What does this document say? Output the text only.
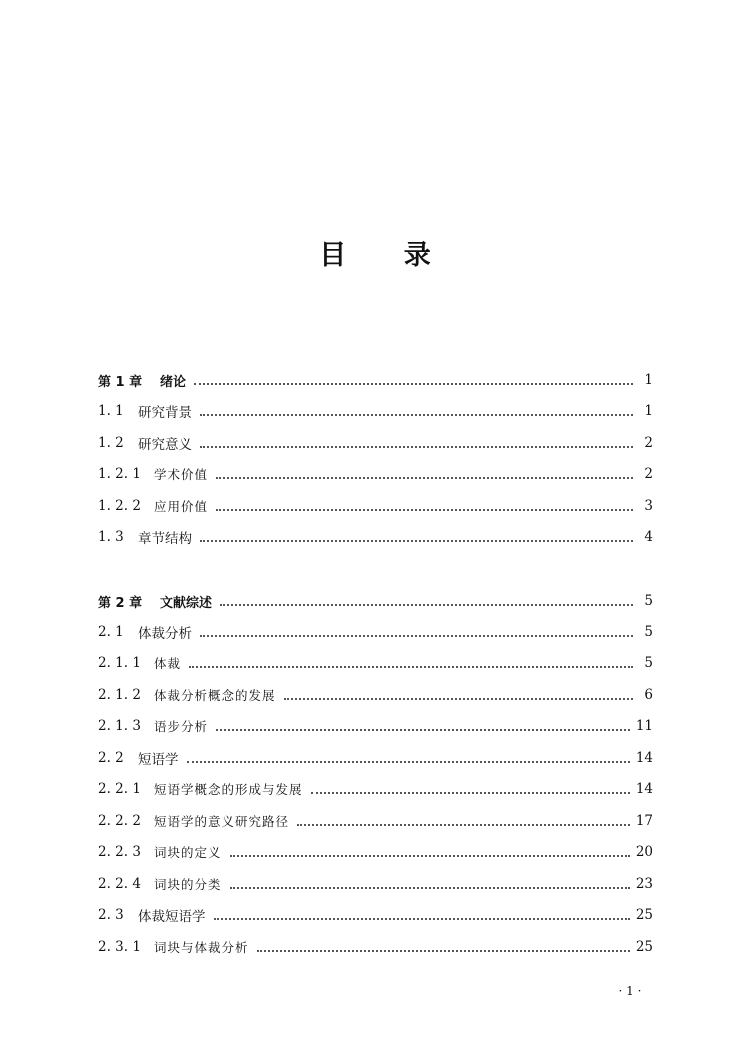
目 录
第 1 章	绪论	1
1. 1	研究背景	1
1. 2	研究意义	2
1. 2. 1	学术价值	2
1. 2. 2	应用价值	3
1. 3	章节结构	4
第 2 章	文献综述	5
2. 1	体裁分析	5
2. 1. 1	体裁	5
2. 1. 2	体裁分析概念的发展	6
2. 1. 3	语步分析	11
2. 2	短语学	14
2. 2. 1	短语学概念的形成与发展	14
2. 2. 2	短语学的意义研究路径	17
2. 2. 3	词块的定义	20
2. 2. 4	词块的分类	23
2. 3	体裁短语学	25
2. 3. 1	词块与体裁分析	25
· 1 ·
